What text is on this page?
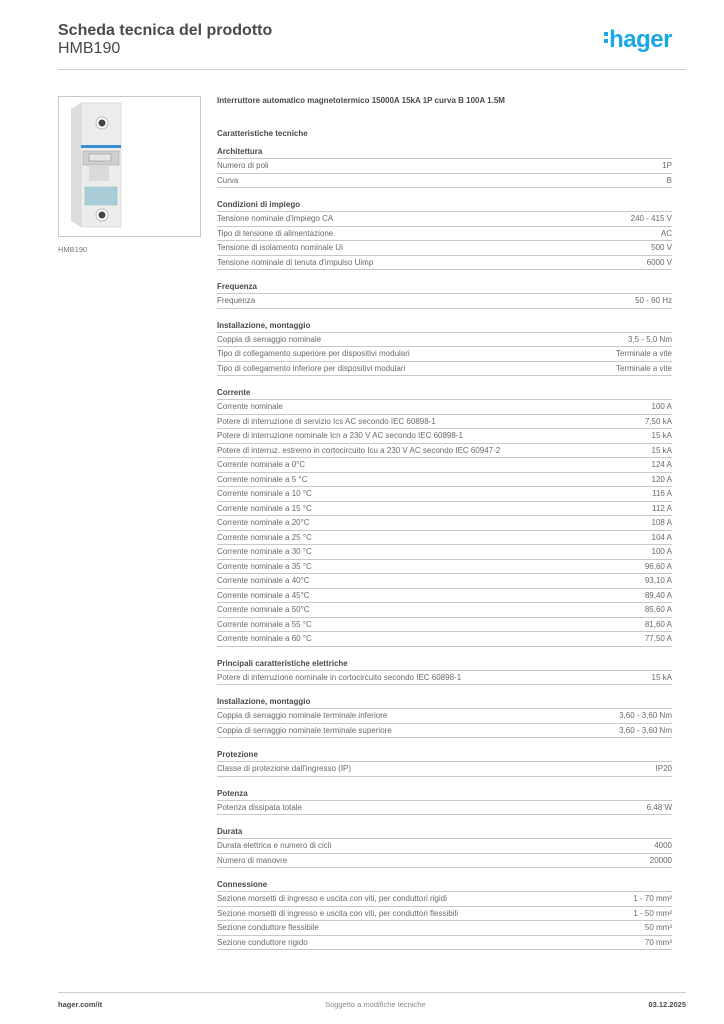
Scheda tecnica del prodotto
HMB190	hager
HMB190
Interruttore automatico magnetotermico 15000A 15kA 1P curva B 100A 1.5M
Caratteristiche tecniche
Architettura
Numero di poli	1P
Curva	B
Condizioni di impiego
Tensione nominale d'impiego CA	240 - 415 V
Tipo di tensione di alimentazione	AC
Tensione di isolamento nominale Ui	500 V
Tensione nominale di tenuta d'impulso Uimp	6000 V
Frequenza
Frequenza	50 - 60 Hz
Installazione, montaggio
Coppia di serraggio nominale	3,5 - 5,0 Nm
Tipo di collegamento superiore per dispositivi modulari	Terminale a vite
Tipo di collegamento inferiore per dispositivi modulari	Terminale a vite
Corrente
Corrente nominale	100 A
Potere di interruzione di servizio Ics AC secondo IEC 60898-1	7,50 kA
Potere di interruzione nominale Icn a 230 V AC secondo IEC 60898-1	15 kA
Potere di interruz. estremo in cortocircuito Icu a 230 V AC secondo IEC 60947-2	15 kA
Corrente nominale a 0°C	124 A
Corrente nominale a 5 °C	120 A
Corrente nominale a 10 °C	116 A
Corrente nominale a 15 °C	112 A
Corrente nominale a 20°C	108 A
Corrente nominale a 25 °C	104 A
Corrente nominale a 30 °C	100 A
Corrente nominale a 35 °C	96,60 A
Corrente nominale a 40°C	93,10 A
Corrente nominale a 45°C	89,40 A
Corrente nominale a 50°C	85,60 A
Corrente nominale a 55 °C	81,60 A
Corrente nominale a 60 °C	77,50 A
Principali caratteristiche elettriche
Potere di interruzione nominale in cortocircuito secondo IEC 60898-1	15 kA
Installazione, montaggio
Coppia di serraggio nominale terminale inferiore	3,60 - 3,60 Nm
Coppia di serraggio nominale terminale superiore	3,60 - 3,60 Nm
Protezione
Classe di protezione dall'ingresso (IP)	IP20
Potenza
Potenza dissipata totale	6,48 W
Durata
Durata elettrica e numero di cicli	4000
Numero di manovre	20000
Connessione
Sezione morsetti di ingresso e uscita con viti, per conduttori rigidi	1 - 70 mm²
Sezione morsetti di ingresso e uscita con viti, per conduttori flessibili	1 - 50 mm²
Sezione conduttore flessibile	50 mm²
Sezione conduttore rigido	70 mm²
hager.com/it	Soggetto a modifiche tecniche	03.12.2025
